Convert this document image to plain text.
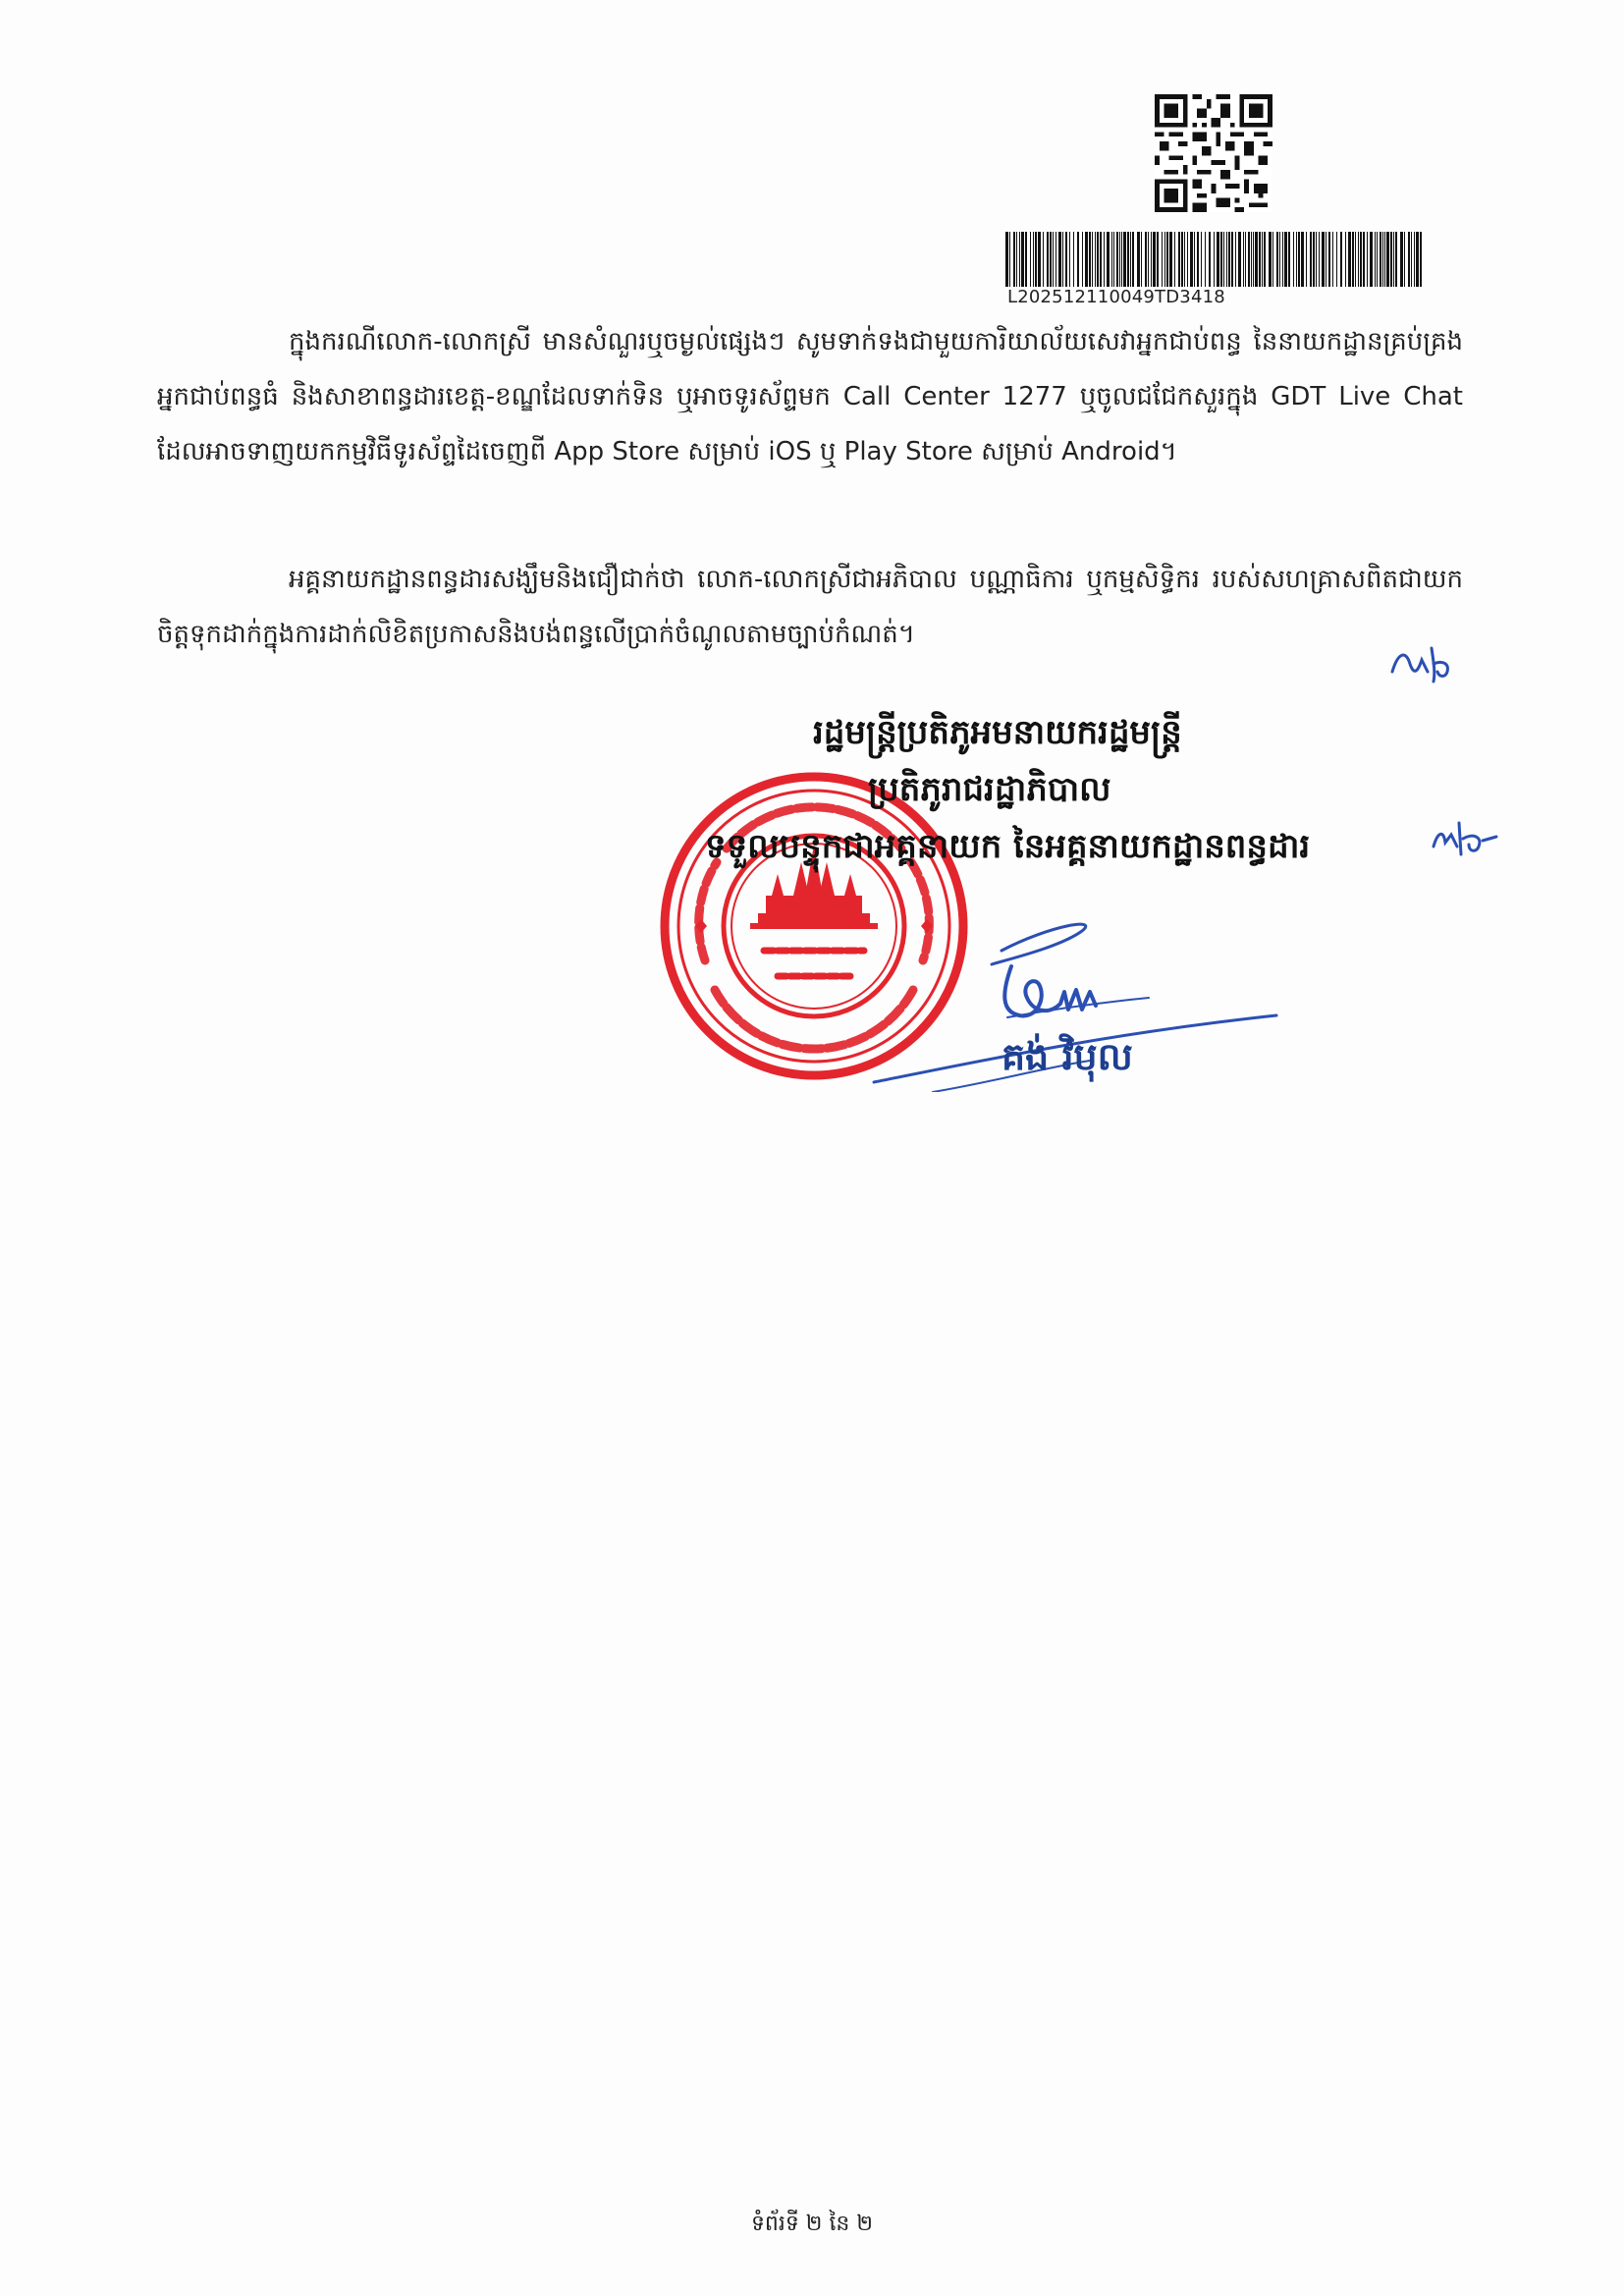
L202512110049TD3418

ក្នុងករណីលោក-លោកស្រី មានសំណួរឬចម្ងល់ផ្សេងៗ សូមទាក់ទងជាមួយការិយាល័យសេវាអ្នកជាប់ពន្ធ នៃនាយកដ្ឋានគ្រប់គ្រងអ្នកជាប់ពន្ធធំ និងសាខាពន្ធដារខេត្ត-ខណ្ឌដែលទាក់ទិន ឬអាចទូរស័ព្ទមក Call Center 1277 ឬចូលជជែកសួរក្នុង GDT Live Chat ដែលអាចទាញយកកម្មវិធីទូរស័ព្ទដៃចេញពី App Store សម្រាប់ iOS ឬ Play Store សម្រាប់ Android។

អគ្គនាយកដ្ឋានពន្ធដារសង្ឃឹមនិងជឿជាក់ថា លោក-លោកស្រីជាអភិបាល បណ្ណាធិការ ឬកម្មសិទ្ធិករ របស់សហគ្រាសពិតជាយកចិត្តទុកដាក់ក្នុងការដាក់លិខិតប្រកាសនិងបង់ពន្ធលើប្រាក់ចំណូលតាមច្បាប់កំណត់។

រដ្ឋមន្ត្រីប្រតិភូអមនាយករដ្ឋមន្ត្រី
ប្រតិភូរាជរដ្ឋាភិបាល
ទទួលបន្ទុកជាអគ្គនាយក នៃអគ្គនាយកដ្ឋានពន្ធដារ
គង់ វិបុល
ទំព័រទី ២ នៃ ២
